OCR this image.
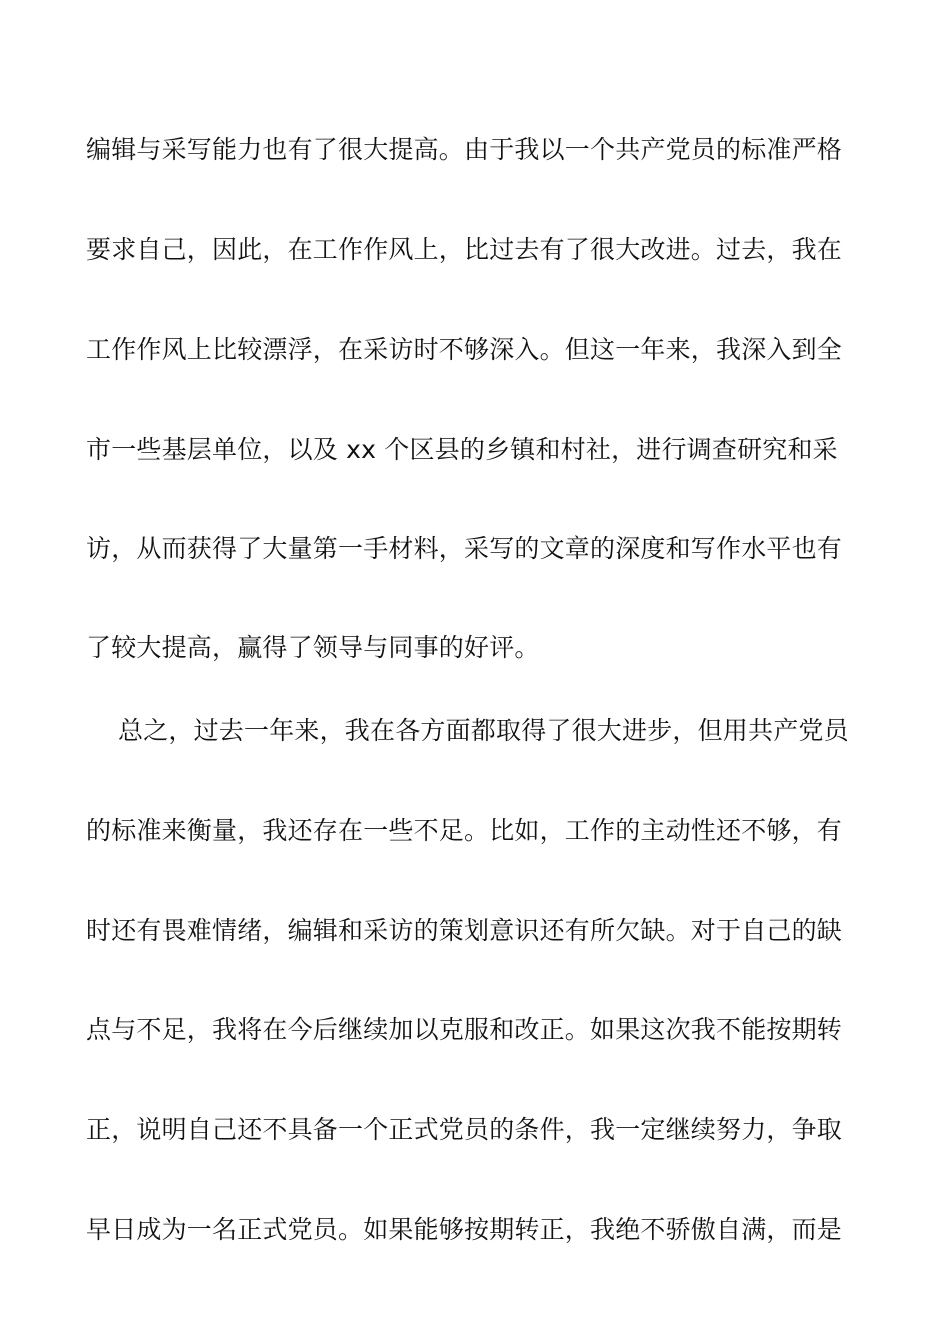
编辑与采写能力也有了很大提高。由于我以一个共产党员的标准严格
要求自己，因此，在工作作风上，比过去有了很大改进。过去，我在
工作作风上比较漂浮，在采访时不够深入。但这一年来，我深入到全
市一些基层单位，以及 xx 个区县的乡镇和村社，进行调查研究和采
访，从而获得了大量第一手材料，采写的文章的深度和写作水平也有
了较大提高，赢得了领导与同事的好评。
总之，过去一年来，我在各方面都取得了很大进步，但用共产党员
的标准来衡量，我还存在一些不足。比如，工作的主动性还不够，有
时还有畏难情绪，编辑和采访的策划意识还有所欠缺。对于自己的缺
点与不足，我将在今后继续加以克服和改正。如果这次我不能按期转
正，说明自己还不具备一个正式党员的条件，我一定继续努力，争取
早日成为一名正式党员。如果能够按期转正，我绝不骄傲自满，而是
